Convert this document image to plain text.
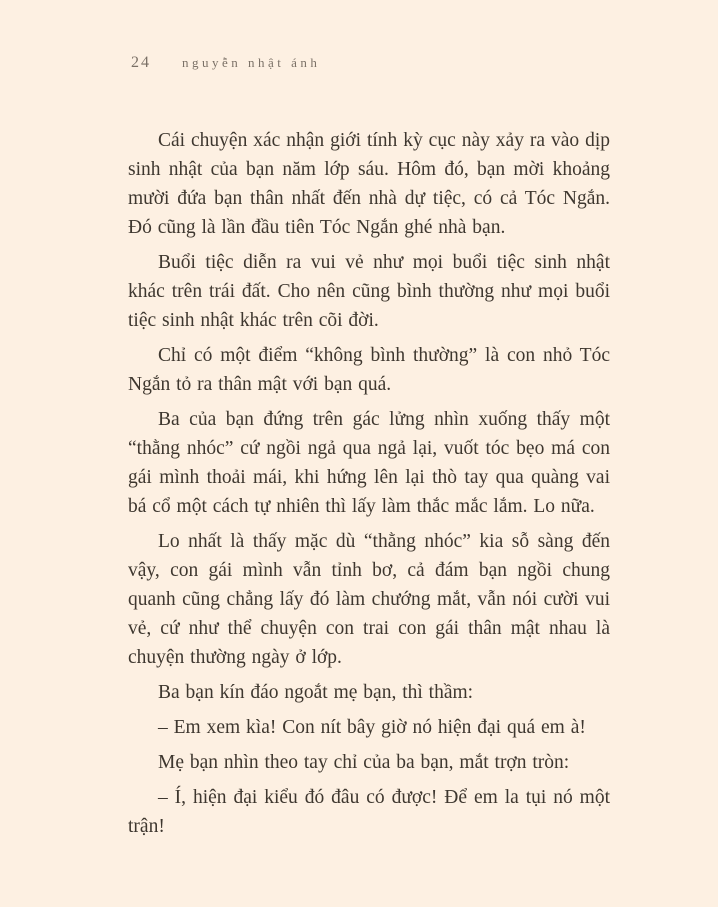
24 nguyễn nhật ánh

Cái chuyện xác nhận giới tính kỳ cục này xảy ra vào dịp sinh nhật của bạn năm lớp sáu. Hôm đó, bạn mời khoảng mười đứa bạn thân nhất đến nhà dự tiệc, có cả Tóc Ngắn. Đó cũng là lần đầu tiên Tóc Ngắn ghé nhà bạn.

Buổi tiệc diễn ra vui vẻ như mọi buổi tiệc sinh nhật khác trên trái đất. Cho nên cũng bình thường như mọi buổi tiệc sinh nhật khác trên cõi đời.

Chỉ có một điểm “không bình thường” là con nhỏ Tóc Ngắn tỏ ra thân mật với bạn quá.

Ba của bạn đứng trên gác lửng nhìn xuống thấy một “thằng nhóc” cứ ngồi ngả qua ngả lại, vuốt tóc bẹo má con gái mình thoải mái, khi hứng lên lại thò tay qua quàng vai bá cổ một cách tự nhiên thì lấy làm thắc mắc lắm. Lo nữa.

Lo nhất là thấy mặc dù “thằng nhóc” kia sỗ sàng đến vậy, con gái mình vẫn tỉnh bơ, cả đám bạn ngồi chung quanh cũng chẳng lấy đó làm chướng mắt, vẫn nói cười vui vẻ, cứ như thể chuyện con trai con gái thân mật nhau là chuyện thường ngày ở lớp.

Ba bạn kín đáo ngoắt mẹ bạn, thì thầm:

– Em xem kìa! Con nít bây giờ nó hiện đại quá em à!

Mẹ bạn nhìn theo tay chỉ của ba bạn, mắt trợn tròn:

– Í, hiện đại kiểu đó đâu có được! Để em la tụi nó một trận!
